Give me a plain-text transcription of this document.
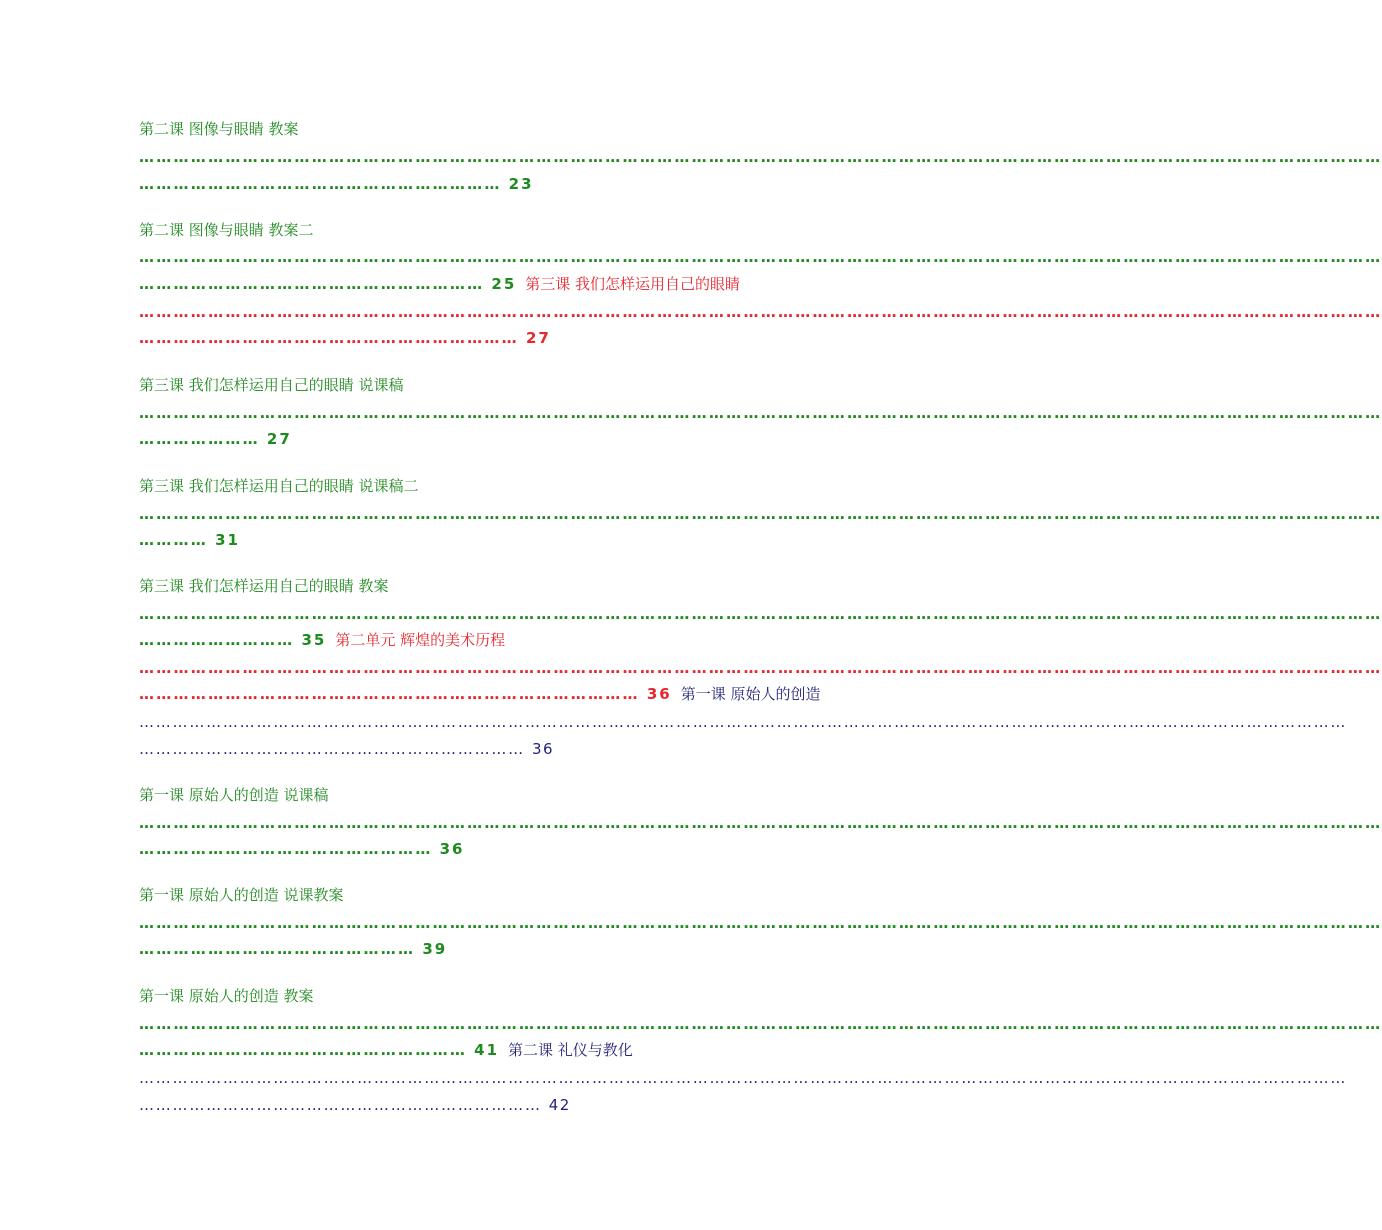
第二课 图像与眼睛 教案
………………………………………………………………………………………………………………………………………………………………………………………………
……………………………………………………… 23
第二课 图像与眼睛 教案二
………………………………………………………………………………………………………………………………………………………………………………………………
…………………………………………………… 25 第三课 我们怎样运用自己的眼睛
………………………………………………………………………………………………………………………………………………………………………………………………
………………………………………………………… 27
第三课 我们怎样运用自己的眼睛 说课稿
………………………………………………………………………………………………………………………………………………………………………………………………
………………… 27
第三课 我们怎样运用自己的眼睛 说课稿二
………………………………………………………………………………………………………………………………………………………………………………………………
………… 31
第三课 我们怎样运用自己的眼睛 教案
………………………………………………………………………………………………………………………………………………………………………………………………
……………………… 35 第二单元 辉煌的美术历程
………………………………………………………………………………………………………………………………………………………………………………………………
…………………………………………………………………………… 36 第一课 原始人的创造
………………………………………………………………………………………………………………………………………………………………………………………………
…………………………………………………………… 36
第一课 原始人的创造 说课稿
………………………………………………………………………………………………………………………………………………………………………………………………
…………………………………………… 36
第一课 原始人的创造 说课教案
………………………………………………………………………………………………………………………………………………………………………………………………
………………………………………… 39
第一课 原始人的创造 教案
………………………………………………………………………………………………………………………………………………………………………………………………
………………………………………………… 41 第二课 礼仪与教化
………………………………………………………………………………………………………………………………………………………………………………………………
……………………………………………………………… 42
